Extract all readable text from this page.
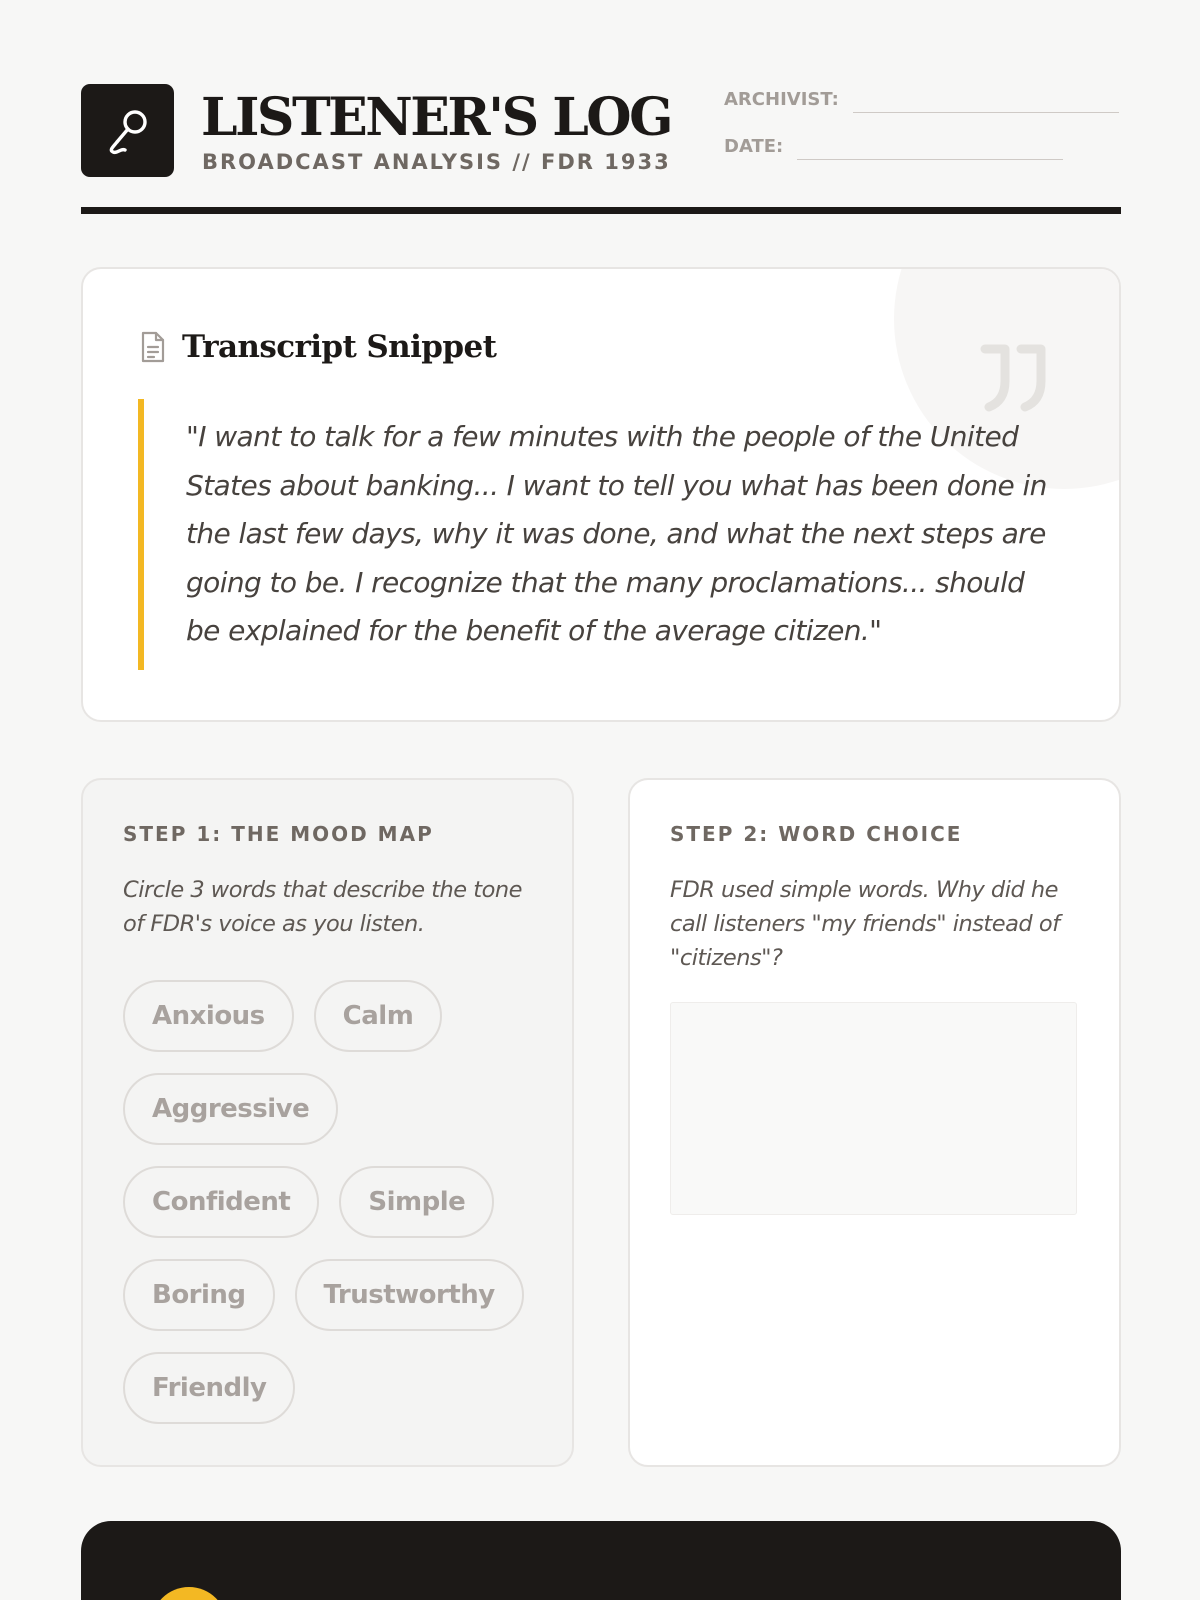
LISTENER'S LOG
BROADCAST ANALYSIS // FDR 1933
ARCHIVIST:
DATE:
Transcript Snippet
"I want to talk for a few minutes with the people of the United States about banking... I want to tell you what has been done in the last few days, why it was done, and what the next steps are going to be. I recognize that the many proclamations... should be explained for the benefit of the average citizen."
STEP 1: THE MOOD MAP

Circle 3 words that describe the tone of FDR's voice as you listen.

Anxious	Calm
Aggressive
Confident	Simple
Boring	Trustworthy
Friendly
STEP 2: WORD CHOICE

FDR used simple words. Why did he call listeners "my friends" instead of "citizens"?
